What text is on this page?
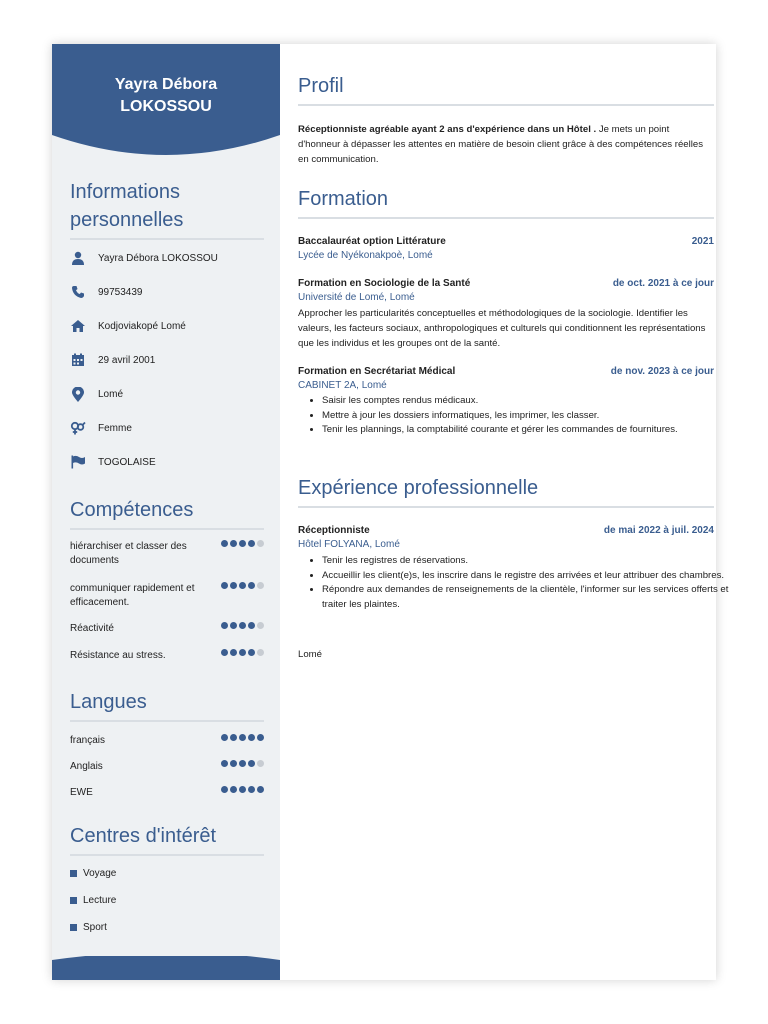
Yayra Débora
LOKOSSOU
Informations personnelles
Yayra Débora LOKOSSOU
99753439
Kodjoviakopé Lomé
29 avril 2001
Lomé
Femme
TOGOLAISE
Compétences
hiérarchiser et classer des documents
communiquer rapidement et efficacement.
Réactivité
Résistance au stress.
Langues
français
Anglais
EWE
Centres d'intérêt
Voyage
Lecture
Sport
Profil
Réceptionniste agréable ayant 2 ans d'expérience dans un Hôtel . Je mets un point d'honneur à dépasser les attentes en matière de besoin client grâce à des compétences réelles en communication.
Formation
Baccalauréat option Littérature	2021
Lycée de Nyékonakpoè, Lomé
Formation en Sociologie de la Santé	de oct. 2021 à ce jour
Université de Lomé, Lomé
Approcher les particularités conceptuelles et méthodologiques de la sociologie. Identifier les valeurs, les facteurs sociaux, anthropologiques et culturels qui conditionnent les représentations que les individus et les groupes ont de la santé.
Formation en Secrétariat Médical	de nov. 2023 à ce jour
CABINET 2A, Lomé
• Saisir les comptes rendus médicaux.
• Mettre à jour les dossiers informatiques, les imprimer, les classer.
• Tenir les plannings, la comptabilité courante et gérer les commandes de fournitures.
Expérience professionnelle
Réceptionniste	de mai 2022 à juil. 2024
Hôtel FOLYANA, Lomé
• Tenir les registres de réservations.
• Accueillir les client(e)s, les inscrire dans le registre des arrivées et leur attribuer des chambres.
• Répondre aux demandes de renseignements de la clientèle, l'informer sur les services offerts et traiter les plaintes.
Lomé
